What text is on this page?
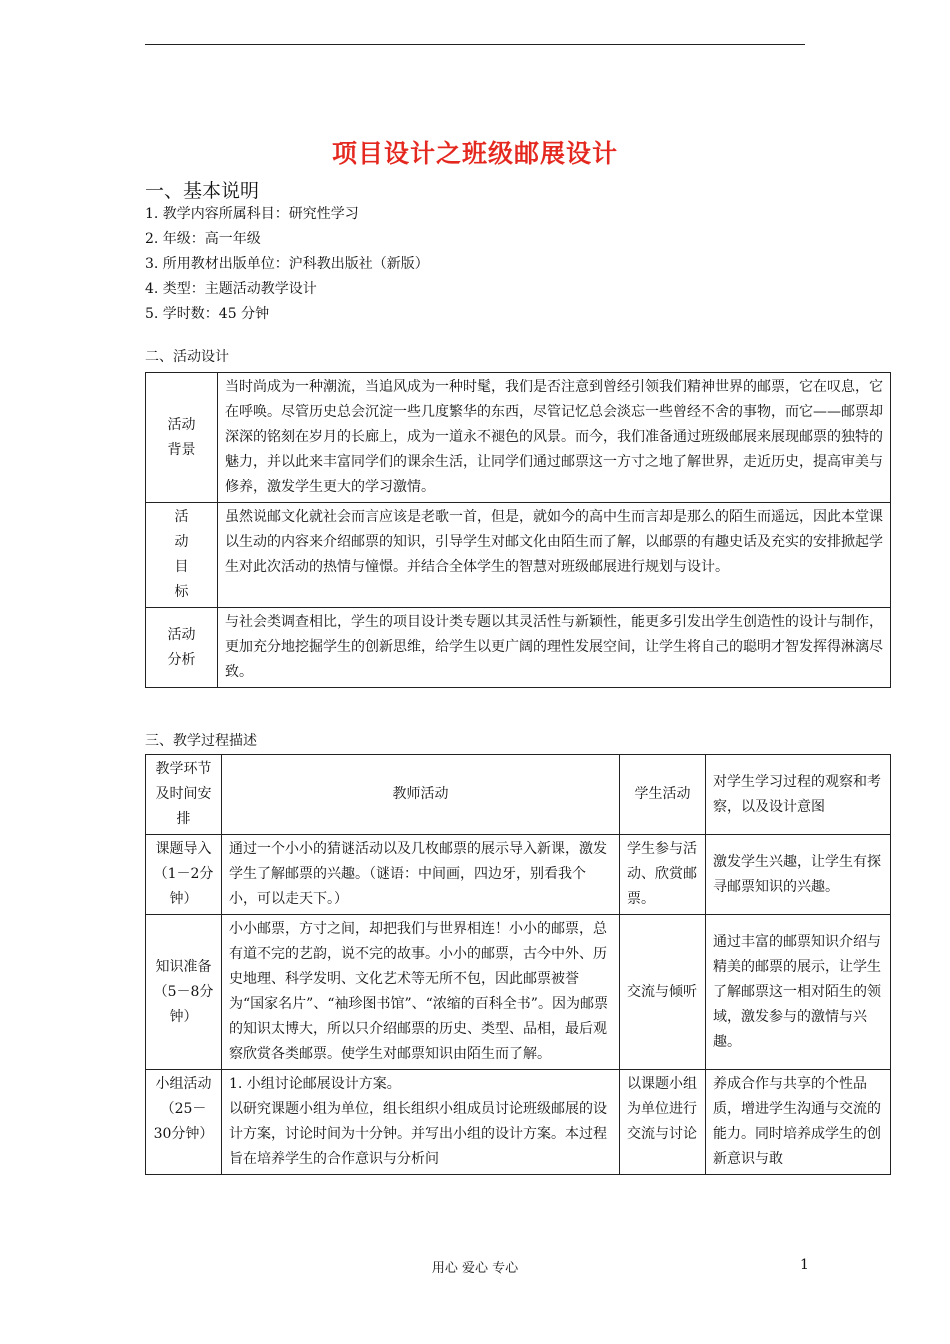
项目设计之班级邮展设计
一、基本说明
1. 教学内容所属科目：研究性学习
2. 年级：高一年级
3. 所用教材出版单位：沪科教出版社（新版）
4. 类型：主题活动教学设计
5. 学时数：45 分钟
二、活动设计
活动
背景	当时尚成为一种潮流，当追风成为一种时髦，我们是否注意到曾经引领我们精神世界的邮票，它在叹息，它在呼唤。尽管历史总会沉淀一些几度繁华的东西，尽管记忆总会淡忘一些曾经不舍的事物，而它——邮票却深深的铭刻在岁月的长廊上，成为一道永不褪色的风景。而今，我们准备通过班级邮展来展现邮票的独特的魅力，并以此来丰富同学们的课余生活，让同学们通过邮票这一方寸之地了解世界，走近历史，提高审美与修养，激发学生更大的学习激情。

活
动
目
标	虽然说邮文化就社会而言应该是老歌一首，但是，就如今的高中生而言却是那么的陌生而遥远，因此本堂课以生动的内容来介绍邮票的知识，引导学生对邮文化由陌生而了解，以邮票的有趣史话及充实的安排掀起学生对此次活动的热情与憧憬。并结合全体学生的智慧对班级邮展进行规划与设计。

活动
分析	与社会类调查相比，学生的项目设计类专题以其灵活性与新颖性，能更多引发出学生创造性的设计与制作，更加充分地挖掘学生的创新思维，给学生以更广阔的理性发展空间，让学生将自己的聪明才智发挥得淋漓尽致。
三、教学过程描述
教学环节及时间安排	教师活动	学生活动	对学生学习过程的观察和考察，以及设计意图
课题导入（1－2分钟）	通过一个小小的猜谜活动以及几枚邮票的展示导入新课，激发学生了解邮票的兴趣。（谜语：中间画，四边牙，别看我个小，可以走天下。）	学生参与活动、欣赏邮票。	激发学生兴趣，让学生有探寻邮票知识的兴趣。
知识准备（5－8分钟）	小小邮票，方寸之间，却把我们与世界相连！小小的邮票，总有道不完的艺韵，说不完的故事。小小的邮票，古今中外、历史地理、科学发明、文化艺术等无所不包，因此邮票被誉为“国家名片”、“袖珍图书馆”、“浓缩的百科全书”。因为邮票的知识太博大，所以只介绍邮票的历史、类型、品相，最后观察欣赏各类邮票。使学生对邮票知识由陌生而了解。	交流与倾听	通过丰富的邮票知识介绍与精美的邮票的展示，让学生了解邮票这一相对陌生的领域，激发参与的激情与兴趣。
小组活动（25－30分钟）	1. 小组讨论邮展设计方案。
以研究课题小组为单位，组长组织小组成员讨论班级邮展的设计方案，讨论时间为十分钟。并写出小组的设计方案。本过程旨在培养学生的合作意识与分析问	以课题小组为单位进行交流与讨论	养成合作与共享的个性品质，增进学生沟通与交流的能力。同时培养成学生的创新意识与敢
用心 爱心 专心	1
